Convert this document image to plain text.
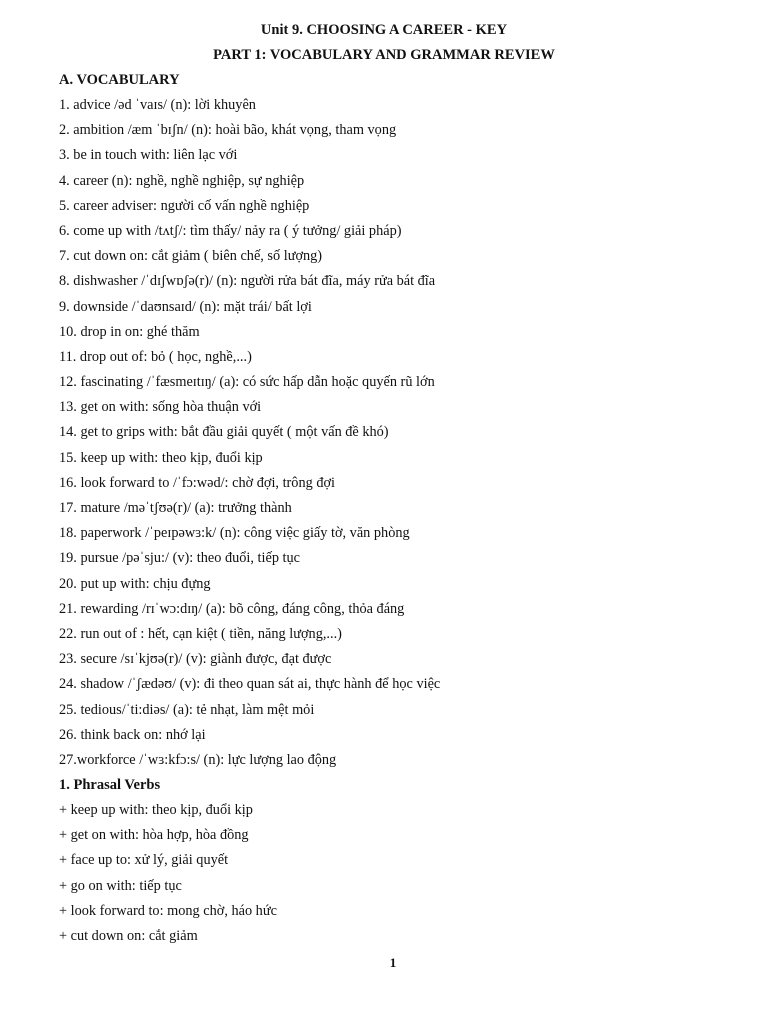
Unit 9. CHOOSING A CAREER - KEY
PART 1: VOCABULARY AND GRAMMAR REVIEW
A. VOCABULARY
1. advice /əd ˈvaɪs/ (n): lời khuyên
2. ambition /æm ˈbɪʃn/ (n): hoài bão, khát vọng, tham vọng
3. be in touch with: liên lạc với
4. career (n): nghề, nghề nghiệp, sự nghiệp
5. career adviser: người cố vấn nghề nghiệp
6. come up with /tʌtʃ/: tìm thấy/ nảy ra ( ý tưởng/ giải pháp)
7. cut down on: cắt giảm ( biên chế, số lượng)
8. dishwasher /ˈdɪʃwɒʃə(r)/ (n): người rửa bát đĩa, máy rửa bát đĩa
9. downside /ˈdaʊnsaɪd/ (n): mặt trái/ bất lợi
10. drop in on: ghé thăm
11. drop out of: bỏ ( học, nghề,...)
12. fascinating /ˈfæsmeɪtɪŋ/ (a): có sức hấp dẫn hoặc quyến rũ lớn
13. get on with: sống hòa thuận với
14. get to grips with: bắt đầu giải quyết ( một vấn đề khó)
15. keep up with: theo kịp, đuổi kịp
16. look forward to /ˈfɔ:wəd/: chờ đợi, trông đợi
17. mature /məˈtʃʊə(r)/ (a): trưởng thành
18. paperwork /ˈpeɪpəwɜ:k/ (n): công việc giấy tờ, văn phòng
19. pursue /pəˈsju:/ (v): theo đuổi, tiếp tục
20. put up with: chịu đựng
21. rewarding /rɪˈwɔ:dɪŋ/ (a): bõ công, đáng công, thỏa đáng
22. run out of : hết, cạn kiệt ( tiền, năng lượng,...)
23. secure /sɪˈkjʊə(r)/ (v): giành được, đạt được
24. shadow /ˈʃædəʊ/ (v): đi theo quan sát ai, thực hành để học việc
25. tedious/ˈti:diəs/ (a): tẻ nhạt, làm mệt mỏi
26. think back on: nhớ lại
27.workforce /ˈwɜ:kfɔ:s/ (n): lực lượng lao động
1. Phrasal Verbs
+ keep up with: theo kịp, đuổi kịp
+ get on with: hòa hợp, hòa đồng
+ face up to: xử lý, giải quyết
+ go on with: tiếp tục
+ look forward to: mong chờ, háo hức
+ cut down on: cắt giảm
1
